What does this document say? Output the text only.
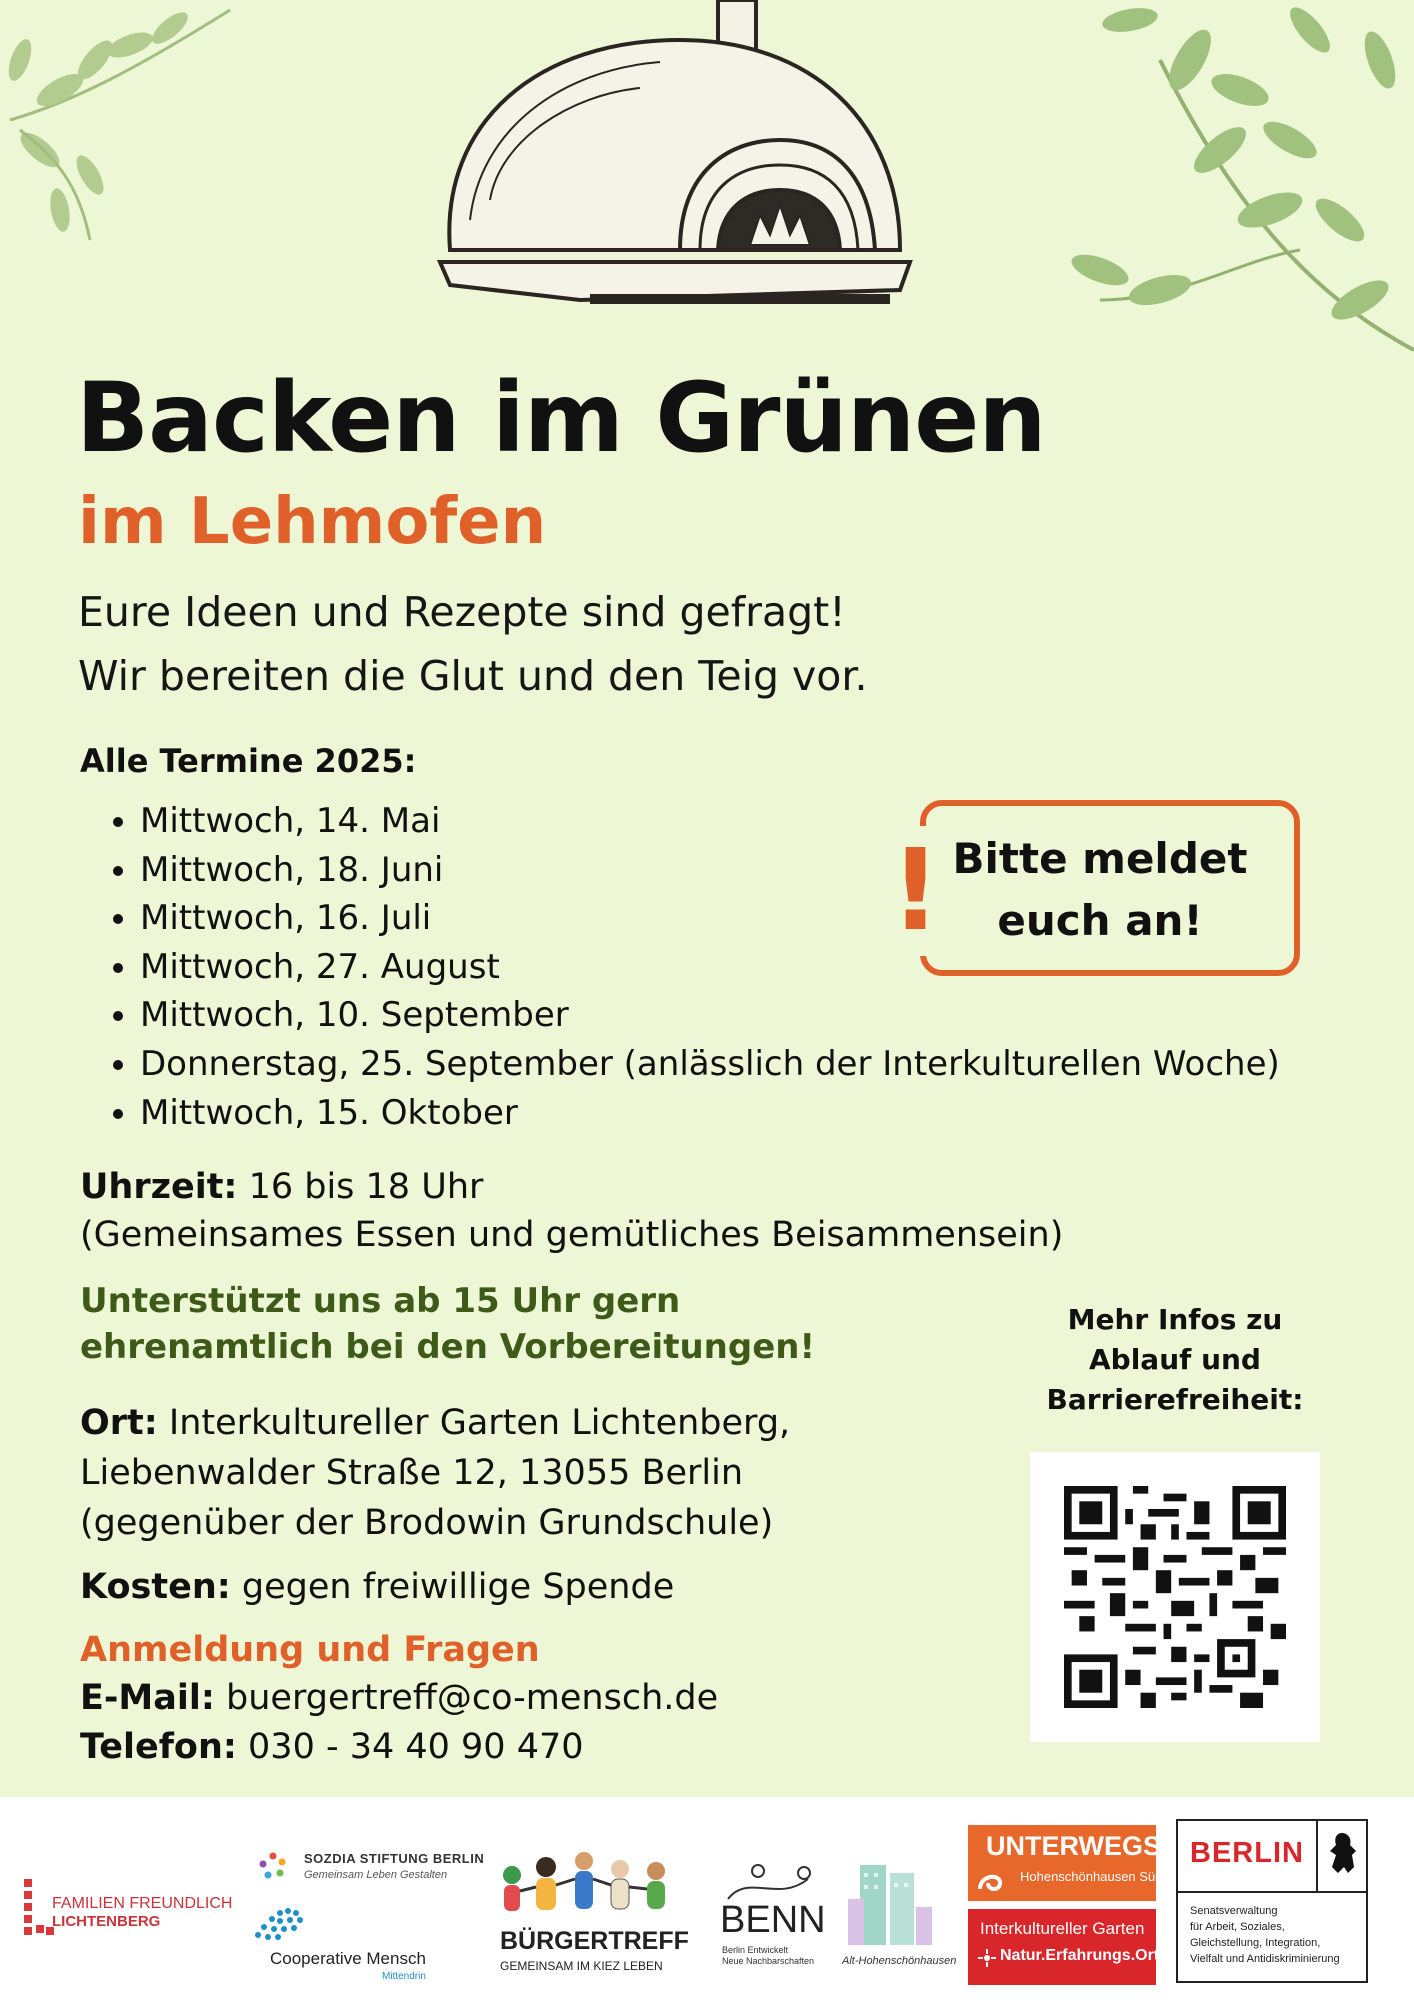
Backen im Grünen
im Lehmofen
Eure Ideen und Rezepte sind gefragt!
Wir bereiten die Glut und den Teig vor.
Alle Termine 2025:
• Mittwoch, 14. Mai
• Mittwoch, 18. Juni
• Mittwoch, 16. Juli
• Mittwoch, 27. August
• Mittwoch, 10. September
• Donnerstag, 25. September (anlässlich der Interkulturellen Woche)
• Mittwoch, 15. Oktober
! Bitte meldet
euch an!
Uhrzeit: 16 bis 18 Uhr
(Gemeinsames Essen und gemütliches Beisammensein)
Unterstützt uns ab 15 Uhr gern
ehrenamtlich bei den Vorbereitungen!
Ort: Interkultureller Garten Lichtenberg,
Liebenwalder Straße 12, 13055 Berlin
(gegenüber der Brodowin Grundschule)
Kosten: gegen freiwillige Spende
Anmeldung und Fragen
E-Mail: buergertreff@co-mensch.de
Telefon: 030 - 34 40 90 470
Mehr Infos zu
Ablauf und
Barrierefreiheit:
FAMILIEN FREUNDLICH
LICHTENBERG
SOZDIA STIFTUNG BERLIN
Gemeinsam Leben Gestalten
Cooperative Mensch
Mittendrin
BÜRGERTREFF
GEMEINSAM IM KIEZ LEBEN
BENN
Berlin Entwickelt
Neue Nachbarschaften	Alt-Hohenschönhausen
UNTERWEGSin
Hohenschönhausen Süd
Interkultureller Garten
Natur.Erfahrungs.Ort
BERLIN
Senatsverwaltung
für Arbeit, Soziales,
Gleichstellung, Integration,
Vielfalt und Antidiskriminierung
